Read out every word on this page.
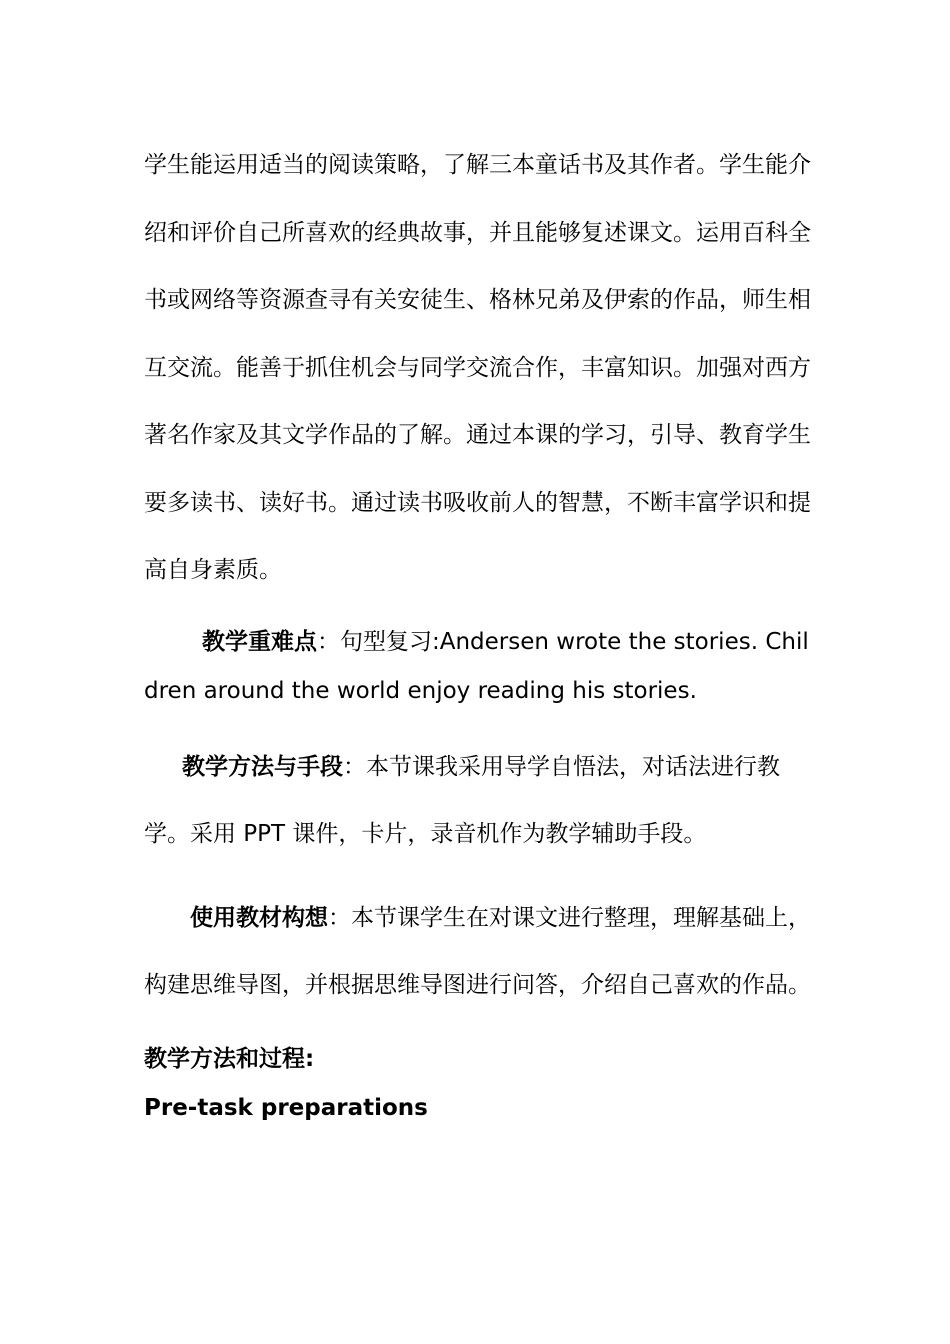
学生能运用适当的阅读策略，了解三本童话书及其作者。学生能介绍和评价自己所喜欢的经典故事，并且能够复述课文。运用百科全书或网络等资源查寻有关安徒生、格林兄弟及伊索的作品，师生相互交流。能善于抓住机会与同学交流合作，丰富知识。加强对西方著名作家及其文学作品的了解。通过本课的学习，引导、教育学生要多读书、读好书。通过读书吸收前人的智慧，不断丰富学识和提高自身素质。

教学重难点：句型复习:Andersen wrote the stories. Children around the world enjoy reading his stories.

教学方法与手段：本节课我采用导学自悟法，对话法进行教学。采用 PPT 课件，卡片，录音机作为教学辅助手段。

使用教材构想：本节课学生在对课文进行整理，理解基础上，构建思维导图，并根据思维导图进行问答，介绍自己喜欢的作品。

教学方法和过程:

Pre-task preparations
